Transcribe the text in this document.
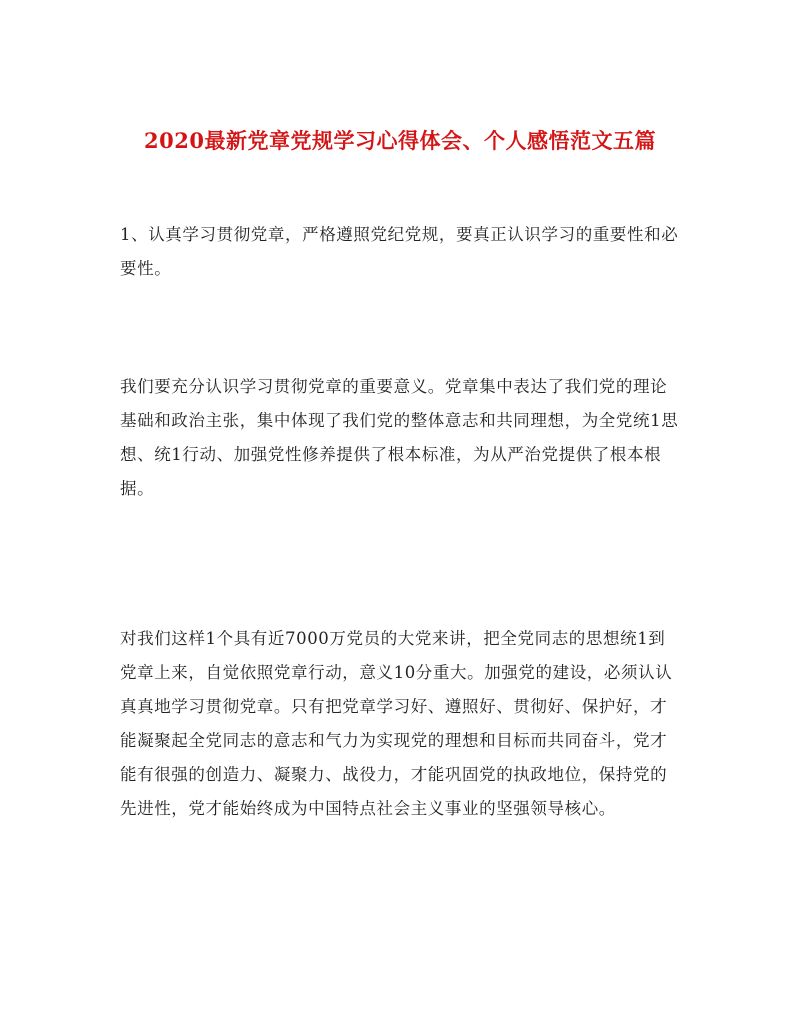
2020最新党章党规学习心得体会、个人感悟范文五篇

1、认真学习贯彻党章，严格遵照党纪党规，要真正认识学习的重要性和必要性。

我们要充分认识学习贯彻党章的重要意义。党章集中表达了我们党的理论基础和政治主张，集中体现了我们党的整体意志和共同理想，为全党统1思想、统1行动、加强党性修养提供了根本标准，为从严治党提供了根本根据。

对我们这样1个具有近7000万党员的大党来讲，把全党同志的思想统1到党章上来，自觉依照党章行动，意义10分重大。加强党的建设，必须认认真真地学习贯彻党章。只有把党章学习好、遵照好、贯彻好、保护好，才能凝聚起全党同志的意志和气力为实现党的理想和目标而共同奋斗，党才能有很强的创造力、凝聚力、战役力，才能巩固党的执政地位，保持党的先进性，党才能始终成为中国特点社会主义事业的坚强领导核心。
